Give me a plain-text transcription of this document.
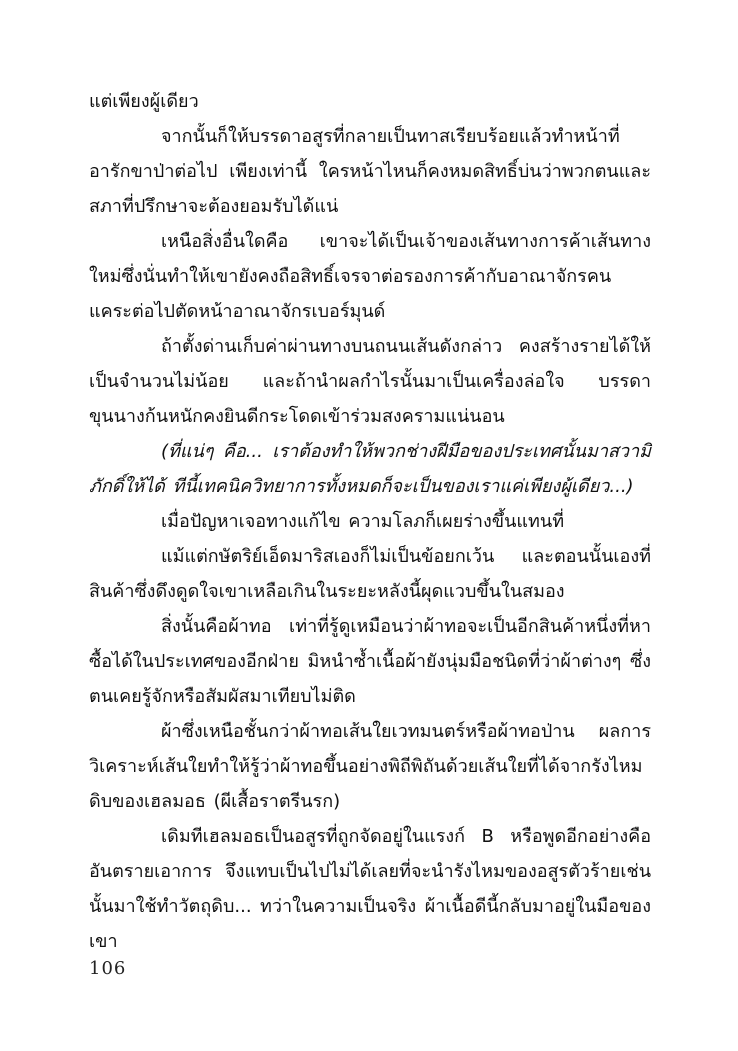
แต่เพียงผู้เดียว

จากนั้นก็ให้บรรดาอสูรที่กลายเป็นทาสเรียบร้อยแล้วทำหน้าที่อารักขาป่าต่อไป เพียงเท่านี้ ใครหน้าไหนก็คงหมดสิทธิ์บ่นว่าพวกตนและสภาที่ปรึกษาจะต้องยอมรับได้แน่

เหนือสิ่งอื่นใดคือ เขาจะได้เป็นเจ้าของเส้นทางการค้าเส้นทางใหม่ซึ่งนั่นทำให้เขายังคงถือสิทธิ์เจรจาต่อรองการค้ากับอาณาจักรคนแคระต่อไปตัดหน้าอาณาจักรเบอร์มุนด์

ถ้าตั้งด่านเก็บค่าผ่านทางบนถนนเส้นดังกล่าว คงสร้างรายได้ให้เป็นจำนวนไม่น้อย และถ้านำผลกำไรนั้นมาเป็นเครื่องล่อใจ บรรดาขุนนางก้นหนักคงยินดีกระโดดเข้าร่วมสงครามแน่นอน

(ที่แน่ๆ คือ... เราต้องทำให้พวกช่างฝีมือของประเทศนั้นมาสวามิภักดิ์ให้ได้ ทีนี้เทคนิควิทยาการทั้งหมดก็จะเป็นของเราแค่เพียงผู้เดียว...)

เมื่อปัญหาเจอทางแก้ไข ความโลภก็เผยร่างขึ้นแทนที่

แม้แต่กษัตริย์เอ็ดมาริสเองก็ไม่เป็นข้อยกเว้น และตอนนั้นเองที่สินค้าซึ่งดึงดูดใจเขาเหลือเกินในระยะหลังนี้ผุดแวบขึ้นในสมอง

สิ่งนั้นคือผ้าทอ เท่าที่รู้ดูเหมือนว่าผ้าทอจะเป็นอีกสินค้าหนึ่งที่หาซื้อได้ในประเทศของอีกฝ่าย มิหนำซ้ำเนื้อผ้ายังนุ่มมือชนิดที่ว่าผ้าต่างๆ ซึ่งตนเคยรู้จักหรือสัมผัสมาเทียบไม่ติด

ผ้าซึ่งเหนือชั้นกว่าผ้าทอเส้นใยเวทมนตร์หรือผ้าทอป่าน ผลการวิเคราะห์เส้นใยทำให้รู้ว่าผ้าทอขึ้นอย่างพิถีพิถันด้วยเส้นใยที่ได้จากรังไหมดิบของเฮลมอธ (ผีเสื้อราตรีนรก)

เดิมทีเฮลมอธเป็นอสูรที่ถูกจัดอยู่ในแรงก์ B หรือพูดอีกอย่างคืออันตรายเอาการ จึงแทบเป็นไปไม่ได้เลยที่จะนำรังไหมของอสูรตัวร้ายเช่นนั้นมาใช้ทำวัตถุดิบ... ทว่าในความเป็นจริง ผ้าเนื้อดีนี้กลับมาอยู่ในมือของเขา

106
